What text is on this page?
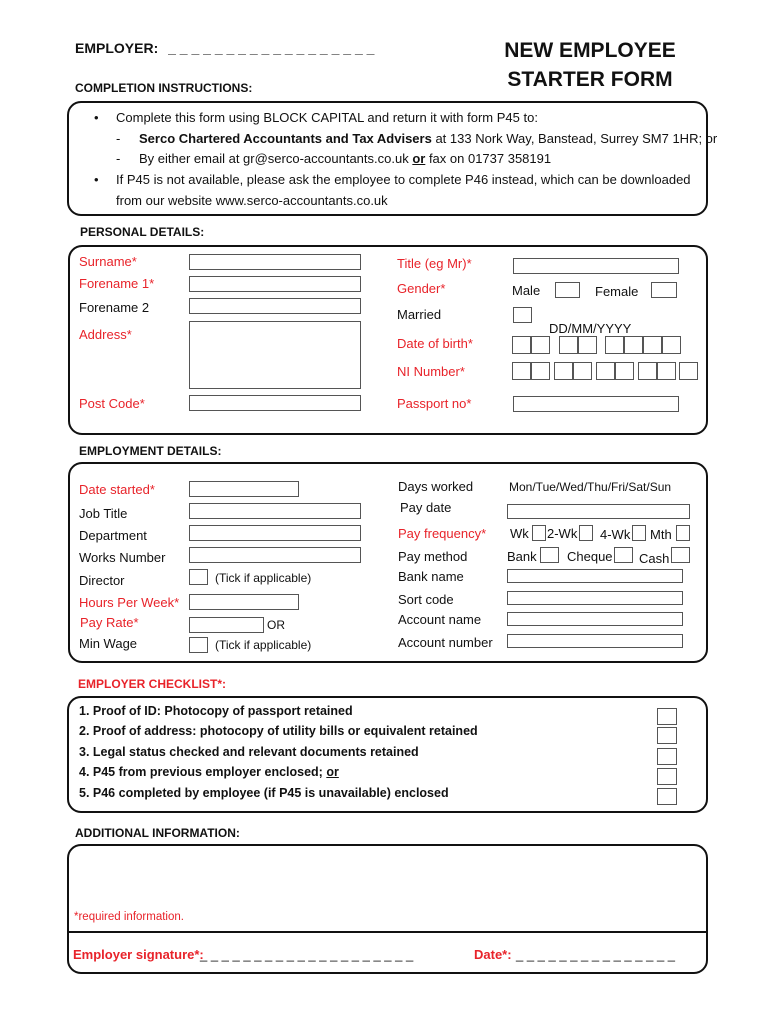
EMPLOYER: _ _ _ _ _ _ _ _ _ _ _ _ _ _ _ _ _ _	NEW EMPLOYEE
STARTER FORM
COMPLETION INSTRUCTIONS:
• Complete this form using BLOCK CAPITAL and return it with form P45 to:
- Serco Chartered Accountants and Tax Advisers at 133 Nork Way, Banstead, Surrey SM7 1HR; or
- By either email at gr@serco-accountants.co.uk or fax on 01737 358191
• If P45 is not available, please ask the employee to complete P46 instead, which can be downloaded
from our website www.serco-accountants.co.uk
PERSONAL DETAILS:
Surname*
Forename 1*
Forename 2
Address*
Post Code*
Title (eg Mr)*
Gender*	Male	Female
Married
DD/MM/YYYY
Date of birth*
NI Number*
Passport no*
EMPLOYMENT DETAILS:
Date started*
Job Title
Department
Works Number
Director	(Tick if applicable)
Hours Per Week*
Pay Rate*	OR
Min Wage	(Tick if applicable)
Days worked	Mon/Tue/Wed/Thu/Fri/Sat/Sun
Pay date
Pay frequency* Wk 2-Wk 4-Wk Mth
Pay method	Bank Cheque Cash
Bank name
Sort code
Account name
Account number
EMPLOYER CHECKLIST*:
1. Proof of ID: Photocopy of passport retained
2. Proof of address: photocopy of utility bills or equivalent retained
3. Legal status checked and relevant documents retained
4. P45 from previous employer enclosed; or
5. P46 completed by employee (if P45 is unavailable) enclosed
ADDITIONAL INFORMATION:
*required information.
Employer signature*:
_ _ _ _ _ _ _ _ _ _ _ _ _ _ _ _ _ _ _ _	Date*: _ _ _ _ _ _ _ _ _ _ _ _ _ _ _
